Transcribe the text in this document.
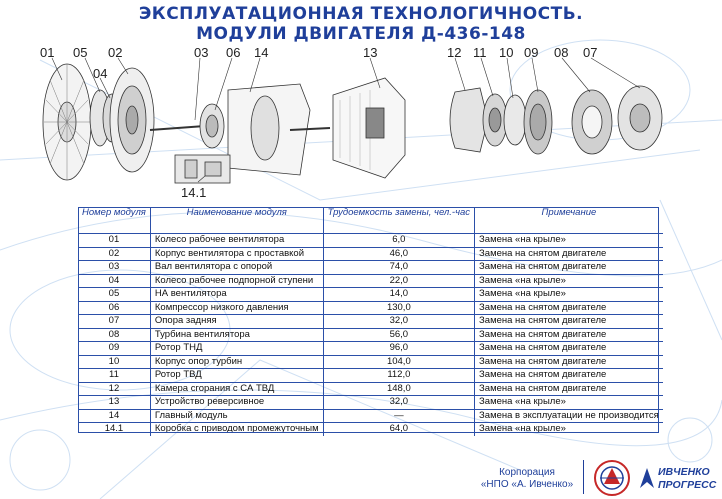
ЭКСПЛУАТАЦИОННАЯ ТЕХНОЛОГИЧНОСТЬ.
МОДУЛИ ДВИГАТЕЛЯ Д-436-148
01 05 02
04
03 06 14	13	12 11 10 09 08 07
14.1
Номер модуля	Наименование модуля	Трудоемкость замены, чел.-час	Примечание
01	Колесо рабочее вентилятора	6,0	Замена «на крыле»
02	Корпус вентилятора с проставкой	46,0	Замена на снятом двигателе
03	Вал вентилятора с опорой	74,0	Замена на снятом двигателе
04	Колесо рабочее подпорной ступени	22,0	Замена «на крыле»
05	НА вентилятора	14,0	Замена «на крыле»
06	Компрессор низкого давления	130,0	Замена на снятом двигателе
07	Опора задняя	32,0	Замена на снятом двигателе
08	Турбина вентилятора	56,0	Замена на снятом двигателе
09	Ротор ТНД	96,0	Замена на снятом двигателе
10	Корпус опор турбин	104,0	Замена на снятом двигателе
11	Ротор ТВД	112,0	Замена на снятом двигателе
12	Камера сгорания с СА ТВД	148,0	Замена на снятом двигателе
13	Устройство реверсивное	32,0	Замена «на крыле»
14	Главный модуль	—	Замена в эксплуатации не производится
14.1	Коробка с приводом промежуточным	64,0	Замена «на крыле»
Корпорация
«НПО «А. Ивченко»
ИВЧЕНКО
ПРОГРЕСС
